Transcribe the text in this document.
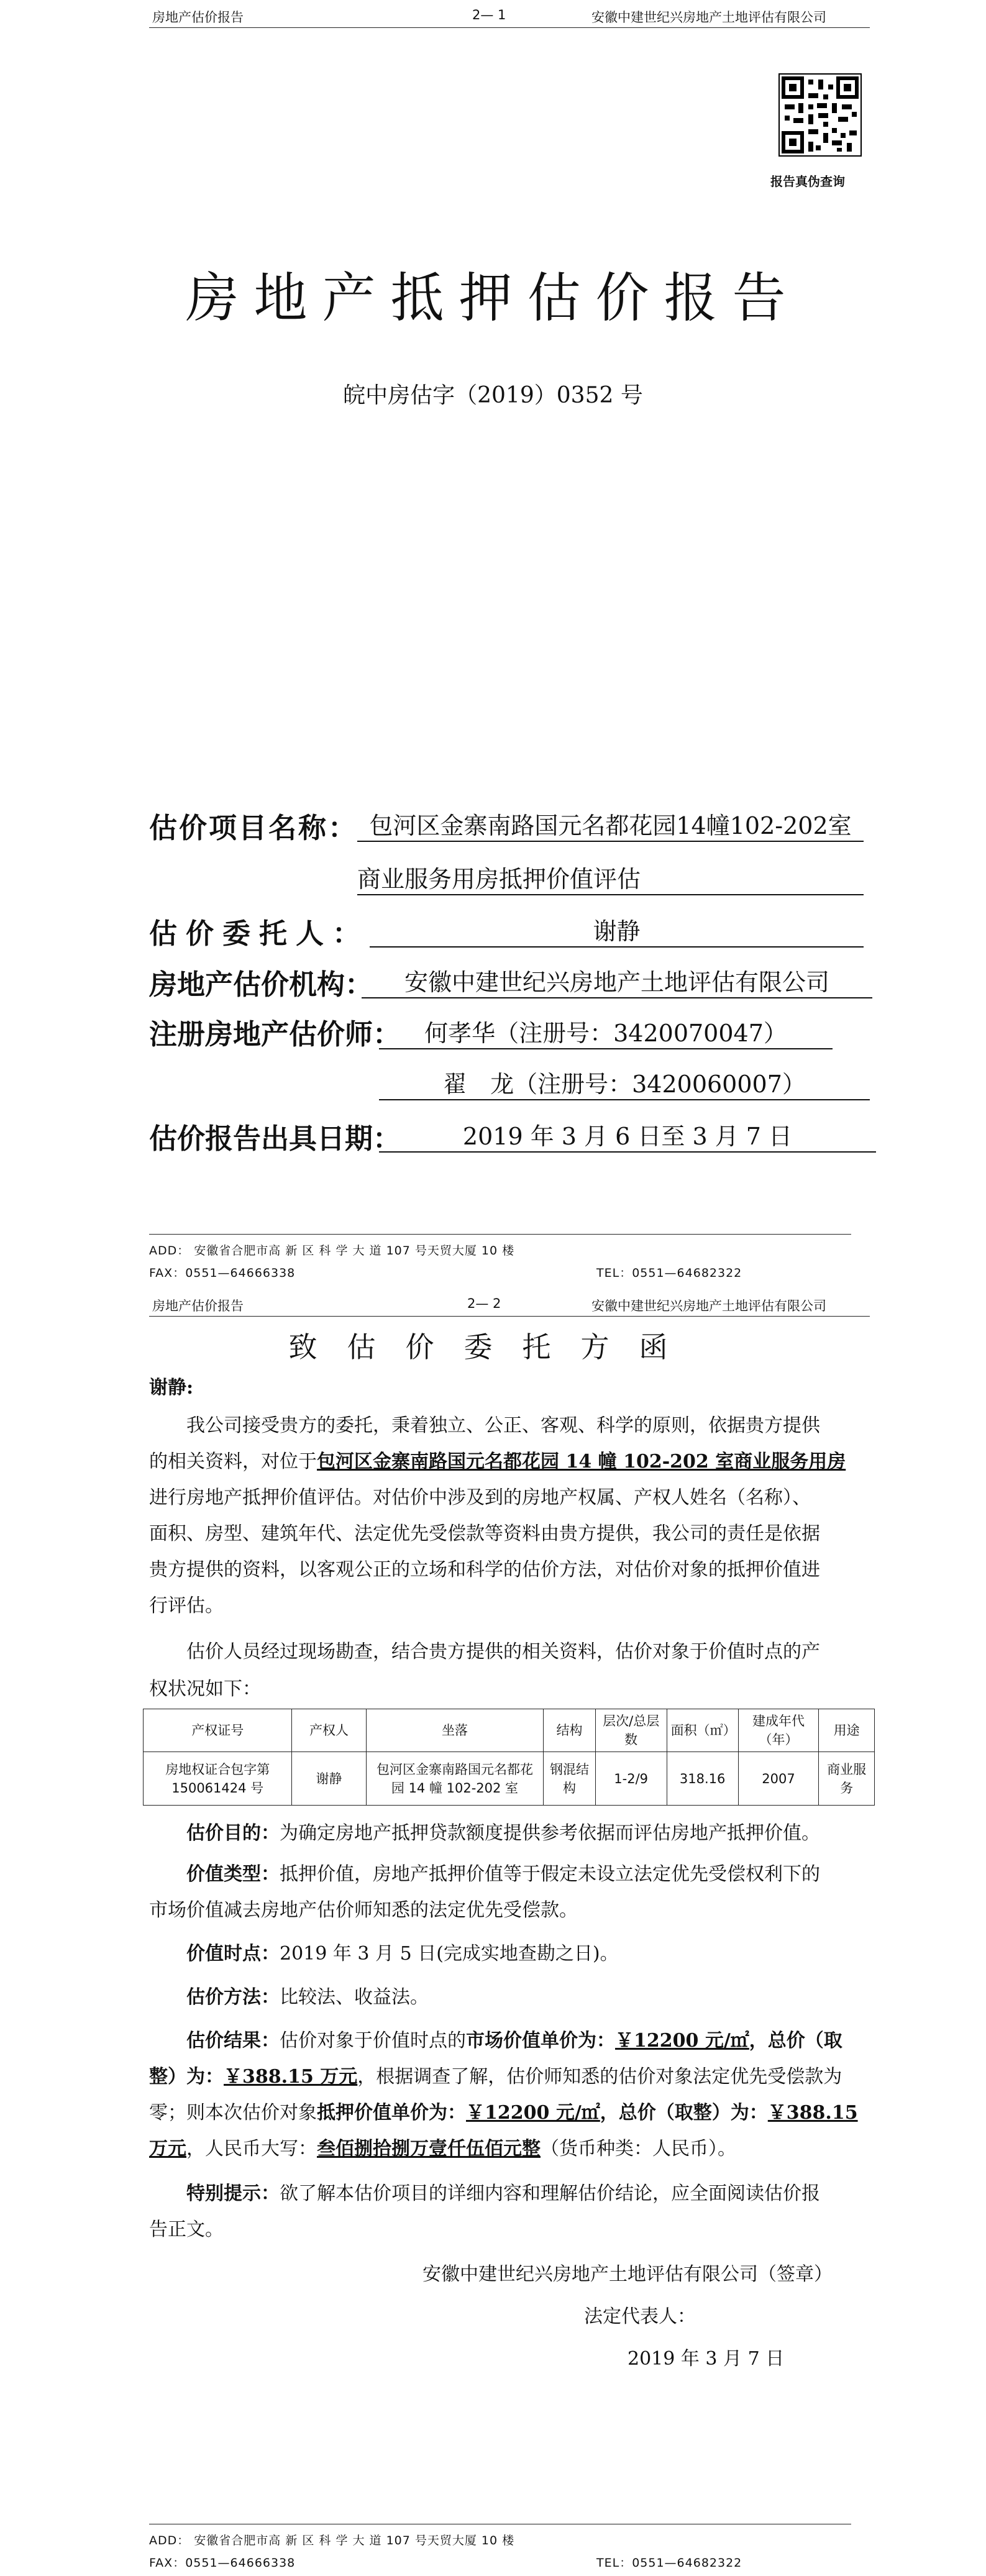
房地产估价报告	2— 1	安徽中建世纪兴房地产土地评估有限公司
报告真伪查询
房地产抵押估价报告
皖中房估字（2019）0352 号
估价项目名称： 包河区金寨南路国元名都花园14幢102-202室
商业服务用房抵押价值评估
估价委托人：	谢静
房地产估价机构：	安徽中建世纪兴房地产土地评估有限公司
注册房地产估价师：	何孝华（注册号：3420070047）
翟　龙（注册号：3420060007）
估价报告出具日期：	2019 年 3 月 6 日至 3 月 7 日
ADD： 安徽省合肥市高 新 区 科 学 大 道 107 号天贸大厦 10 楼
FAX：0551—64666338	TEL：0551—64682322
房地产估价报告	2— 2	安徽中建世纪兴房地产土地评估有限公司
致估价委托方函
谢静:
我公司接受贵方的委托，秉着独立、公正、客观、科学的原则，依据贵方提供
的相关资料，对位于包河区金寨南路国元名都花园 14 幢 102-202 室商业服务用房
进行房地产抵押价值评估。对估价中涉及到的房地产权属、产权人姓名（名称）、
面积、房型、建筑年代、法定优先受偿款等资料由贵方提供，我公司的责任是依据
贵方提供的资料，以客观公正的立场和科学的估价方法，对估价对象的抵押价值进
行评估。
估价人员经过现场勘查，结合贵方提供的相关资料，估价对象于价值时点的产
权状况如下：
产权证号	产权人	坐落	结构	层次/总层数	面积（㎡）	建成年代（年）	用途
房地权证合包字第 150061424 号	谢静	包河区金寨南路国元名都花园 14 幢 102-202 室	钢混结构	1-2/9	318.16	2007	商业服务
估价目的：为确定房地产抵押贷款额度提供参考依据而评估房地产抵押价值。
价值类型：抵押价值，房地产抵押价值等于假定未设立法定优先受偿权利下的
市场价值减去房地产估价师知悉的法定优先受偿款。
价值时点：2019 年 3 月 5 日(完成实地查勘之日)。
估价方法：比较法、收益法。
估价结果：估价对象于价值时点的市场价值单价为：￥12200 元/㎡，总价（取
整）为：￥388.15 万元，根据调查了解，估价师知悉的估价对象法定优先受偿款为
零；则本次估价对象抵押价值单价为：￥12200 元/㎡，总价（取整）为：￥388.15
万元，人民币大写：叁佰捌拾捌万壹仟伍佰元整（货币种类：人民币）。
特别提示：欲了解本估价项目的详细内容和理解估价结论，应全面阅读估价报
告正文。
安徽中建世纪兴房地产土地评估有限公司（签章）
法定代表人：
2019 年 3 月 7 日
ADD： 安徽省合肥市高 新 区 科 学 大 道 107 号天贸大厦 10 楼
FAX：0551—64666338	TEL：0551—64682322
